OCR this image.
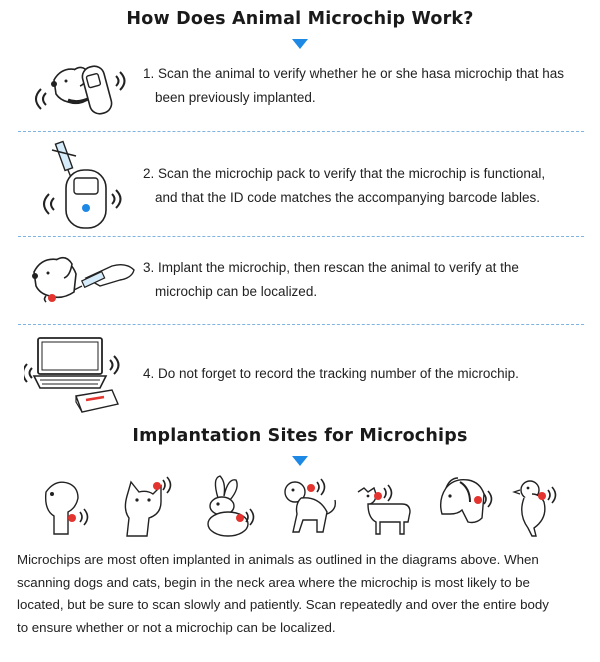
How Does Animal Microchip Work?
1. Scan the animal to verify whether he or she hasa microchip that has
been previously implanted.
2. Scan the microchip pack to verify that the microchip is functional,
and that the ID code matches the accompanying barcode lables.
3. Implant the microchip, then rescan the animal to verify at the
microchip can be localized.
4. Do not forget to record the tracking number of the microchip.
Implantation Sites for Microchips
Microchips are most often implanted in animals as outlined in the diagrams above. When
scanning dogs and cats, begin in the neck area where the microchip is most likely to be
located, but be sure to scan slowly and patiently. Scan repeatedly and over the entire body
to ensure whether or not a microchip can be localized.
